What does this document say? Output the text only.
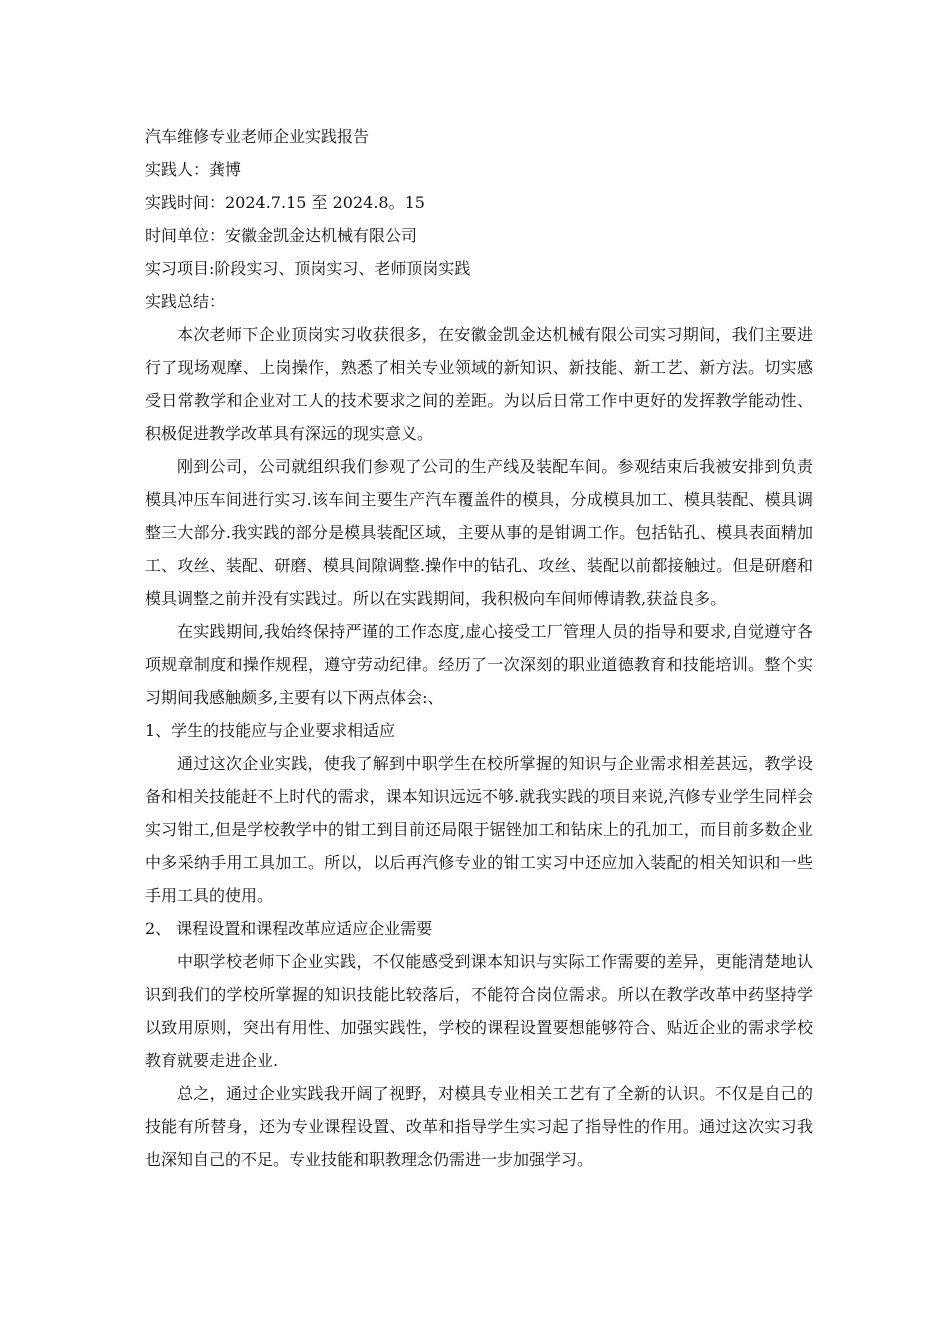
汽车维修专业老师企业实践报告

实践人：龚博

实践时间：2024.7.15 至 2024.8。15

时间单位：安徽金凯金达机械有限公司

实习项目:阶段实习、顶岗实习、老师顶岗实践

实践总结：

本次老师下企业顶岗实习收获很多，在安徽金凯金达机械有限公司实习期间，我们主要进行了现场观摩、上岗操作，熟悉了相关专业领域的新知识、新技能、新工艺、新方法。切实感受日常教学和企业对工人的技术要求之间的差距。为以后日常工作中更好的发挥教学能动性、积极促进教学改革具有深远的现实意义。

刚到公司，公司就组织我们参观了公司的生产线及装配车间。参观结束后我被安排到负责模具冲压车间进行实习.该车间主要生产汽车覆盖件的模具，分成模具加工、模具装配、模具调整三大部分.我实践的部分是模具装配区域，主要从事的是钳调工作。包括钻孔、模具表面精加工、攻丝、装配、研磨、模具间隙调整.操作中的钻孔、攻丝、装配以前都接触过。但是研磨和模具调整之前并没有实践过。所以在实践期间，我积极向车间师傅请教,获益良多。

在实践期间,我始终保持严谨的工作态度,虚心接受工厂管理人员的指导和要求,自觉遵守各项规章制度和操作规程，遵守劳动纪律。经历了一次深刻的职业道德教育和技能培训。整个实习期间我感触颇多,主要有以下两点体会:、

1、学生的技能应与企业要求相适应

通过这次企业实践，使我了解到中职学生在校所掌握的知识与企业需求相差甚远，教学设备和相关技能赶不上时代的需求，课本知识远远不够.就我实践的项目来说,汽修专业学生同样会实习钳工,但是学校教学中的钳工到目前还局限于锯锉加工和钻床上的孔加工，而目前多数企业中多采纳手用工具加工。所以，以后再汽修专业的钳工实习中还应加入装配的相关知识和一些手用工具的使用。

2、 课程设置和课程改革应适应企业需要

中职学校老师下企业实践，不仅能感受到课本知识与实际工作需要的差异，更能清楚地认识到我们的学校所掌握的知识技能比较落后，不能符合岗位需求。所以在教学改革中药坚持学以致用原则，突出有用性、加强实践性，学校的课程设置要想能够符合、贴近企业的需求学校教育就要走进企业.

总之，通过企业实践我开阔了视野，对模具专业相关工艺有了全新的认识。不仅是自己的技能有所替身，还为专业课程设置、改革和指导学生实习起了指导性的作用。通过这次实习我也深知自己的不足。专业技能和职教理念仍需进一步加强学习。
